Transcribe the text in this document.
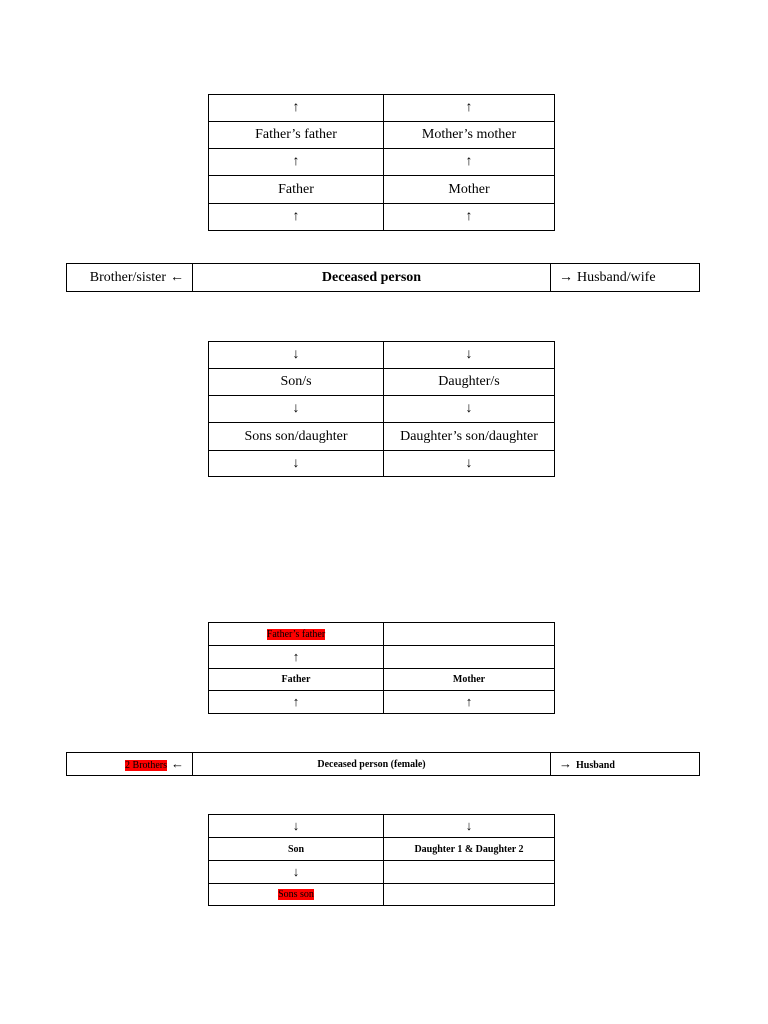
↑	↑
Father’s father	Mother’s mother
↑	↑
Father	Mother
↑	↑
Brother/sister ←	Deceased person	→ Husband/wife
↓	↓
Son/s	Daughter/s
↓	↓
Sons son/daughter	Daughter’s son/daughter
↓	↓
Father’s father	
↑	
Father	Mother
↑	↑
2 Brothers ←	Deceased person (female)	→ Husband
↓	↓
Son	Daughter 1 & Daughter 2
↓	
Sons son	
